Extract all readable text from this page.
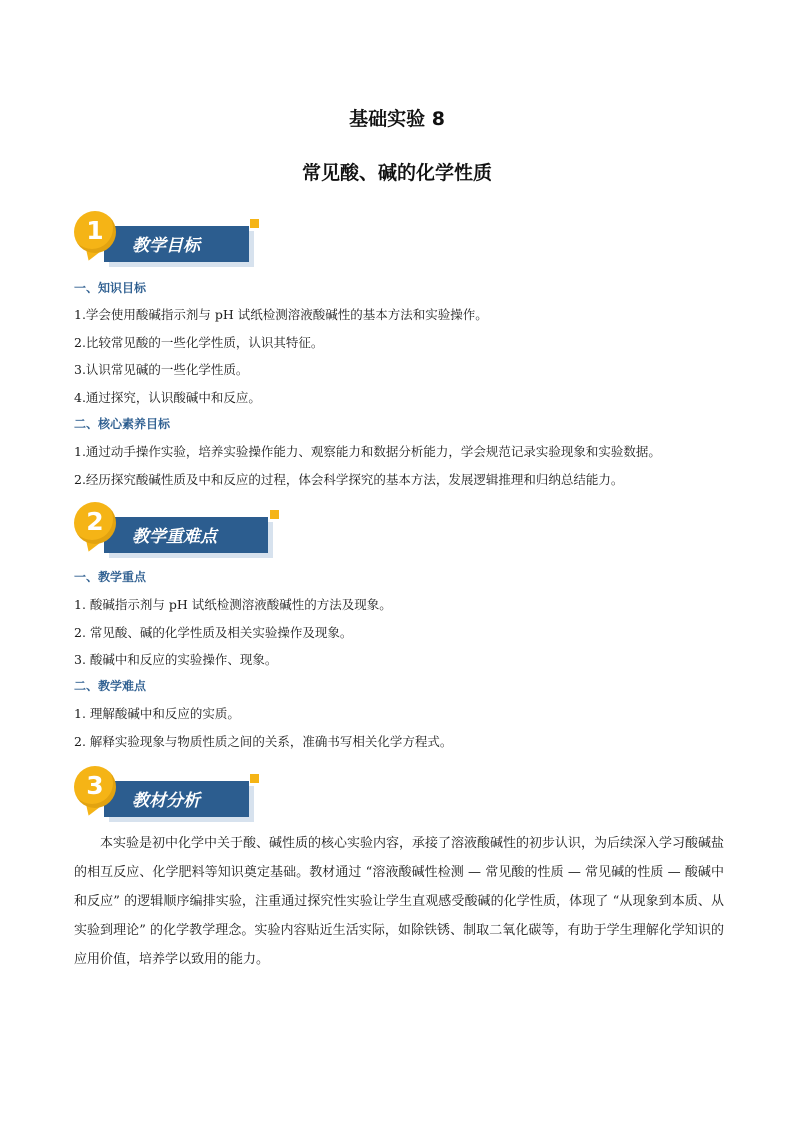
基础实验 8
常见酸、碱的化学性质
教学目标
1

一、知识目标

1.学会使用酸碱指示剂与 pH 试纸检测溶液酸碱性的基本方法和实验操作。

2.比较常见酸的一些化学性质，认识其特征。

3.认识常见碱的一些化学性质。

4.通过探究，认识酸碱中和反应。

二、核心素养目标

1.通过动手操作实验，培养实验操作能力、观察能力和数据分析能力，学会规范记录实验现象和实验数据。

2.经历探究酸碱性质及中和反应的过程，体会科学探究的基本方法，发展逻辑推理和归纳总结能力。

教学重难点
2

一、教学重点

1. 酸碱指示剂与 pH 试纸检测溶液酸碱性的方法及现象。

2. 常见酸、碱的化学性质及相关实验操作及现象。

3. 酸碱中和反应的实验操作、现象。

二、教学难点

1. 理解酸碱中和反应的实质。

2. 解释实验现象与物质性质之间的关系，准确书写相关化学方程式。

教材分析
3

本实验是初中化学中关于酸、碱性质的核心实验内容，承接了溶液酸碱性的初步认识，为后续深入学习酸碱盐的相互反应、化学肥料等知识奠定基础。教材通过 “溶液酸碱性检测 — 常见酸的性质 — 常见碱的性质 — 酸碱中和反应” 的逻辑顺序编排实验，注重通过探究性实验让学生直观感受酸碱的化学性质，体现了 “从现象到本质、从实验到理论” 的化学教学理念。实验内容贴近生活实际，如除铁锈、制取二氧化碳等，有助于学生理解化学知识的应用价值，培养学以致用的能力。
